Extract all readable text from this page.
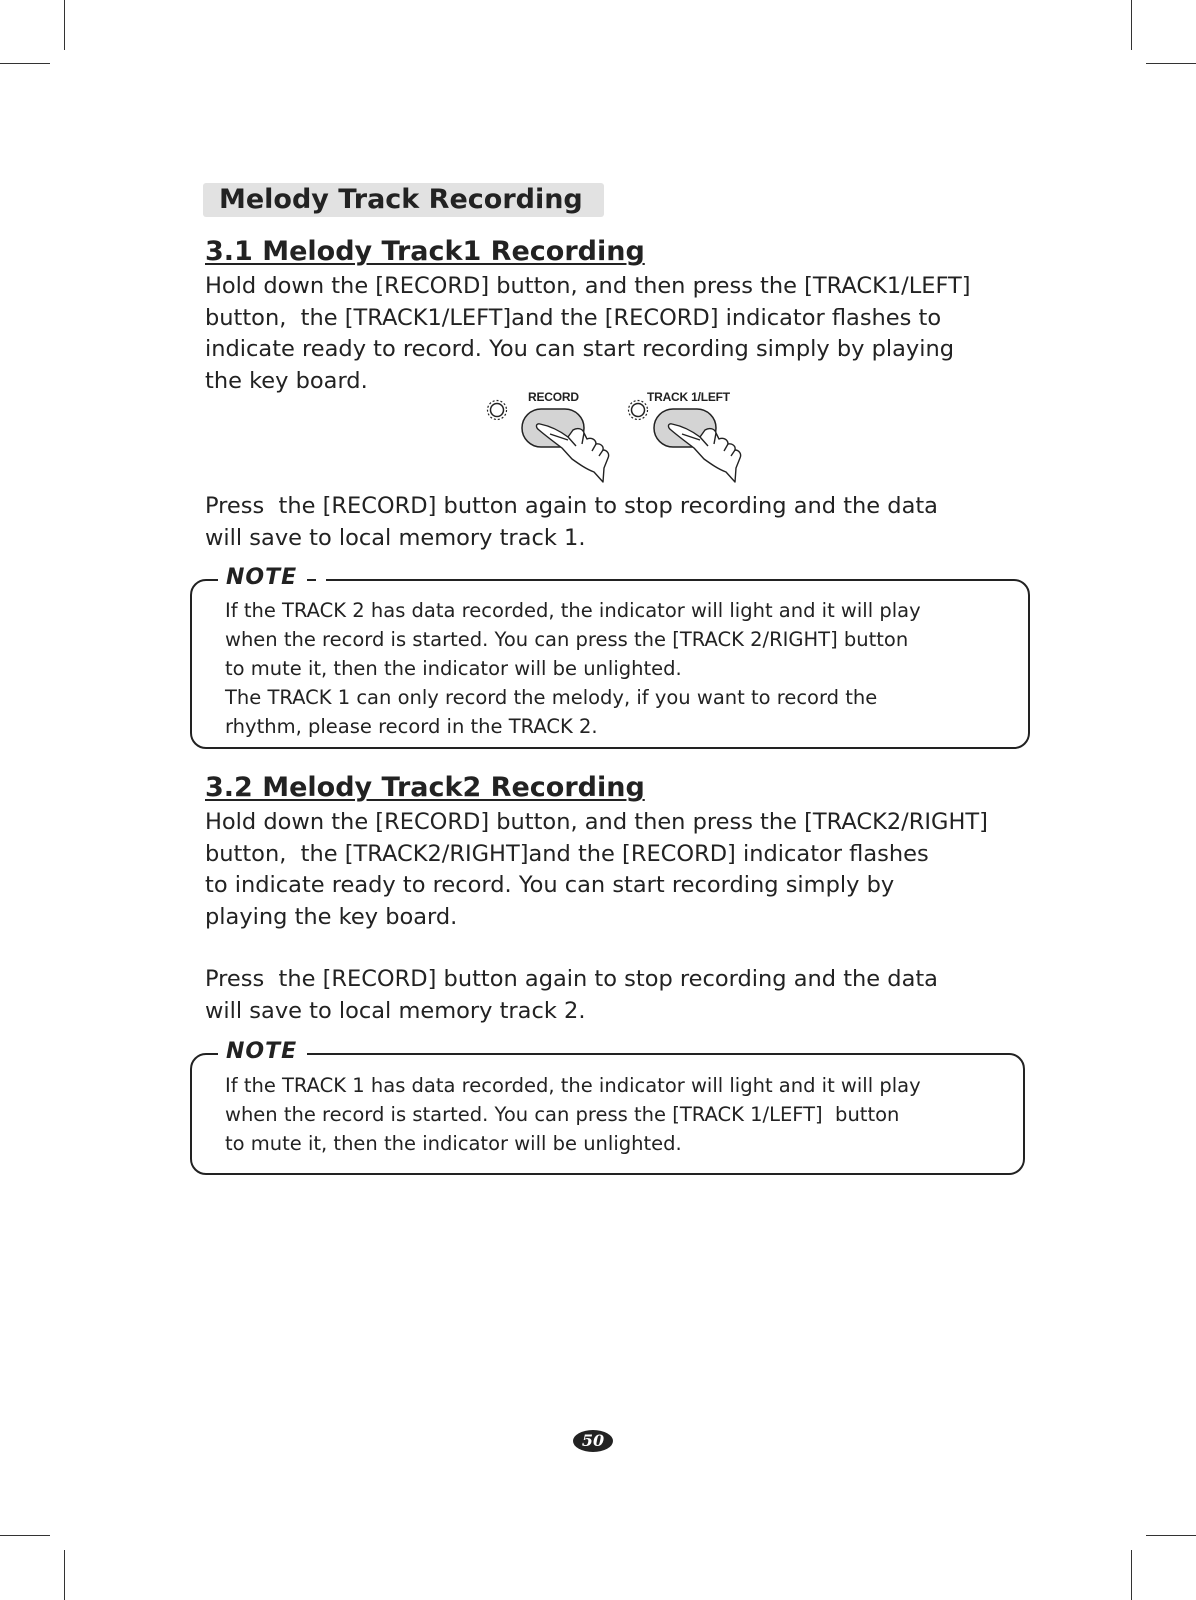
Melody Track Recording
3.1 Melody Track1 Recording

Hold down the [RECORD] button, and then press the [TRACK1/LEFT]
button,  the [TRACK1/LEFT]and the [RECORD] indicator flashes to
indicate ready to record. You can start recording simply by playing
the key board.

RECORD	TRACK 1/LEFT

Press  the [RECORD] button again to stop recording and the data
will save to local memory track 1.

NOTE

If the TRACK 2 has data recorded, the indicator will light and it will play
when the record is started. You can press the [TRACK 2/RIGHT] button
to mute it, then the indicator will be unlighted.
The TRACK 1 can only record the melody, if you want to record the
rhythm, please record in the TRACK 2.

3.2 Melody Track2 Recording

Hold down the [RECORD] button, and then press the [TRACK2/RIGHT]
button,  the [TRACK2/RIGHT]and the [RECORD] indicator flashes
to indicate ready to record. You can start recording simply by
playing the key board.

Press  the [RECORD] button again to stop recording and the data
will save to local memory track 2.

NOTE

If the TRACK 1 has data recorded, the indicator will light and it will play
when the record is started. You can press the [TRACK 1/LEFT]  button
to mute it, then the indicator will be unlighted.

50
